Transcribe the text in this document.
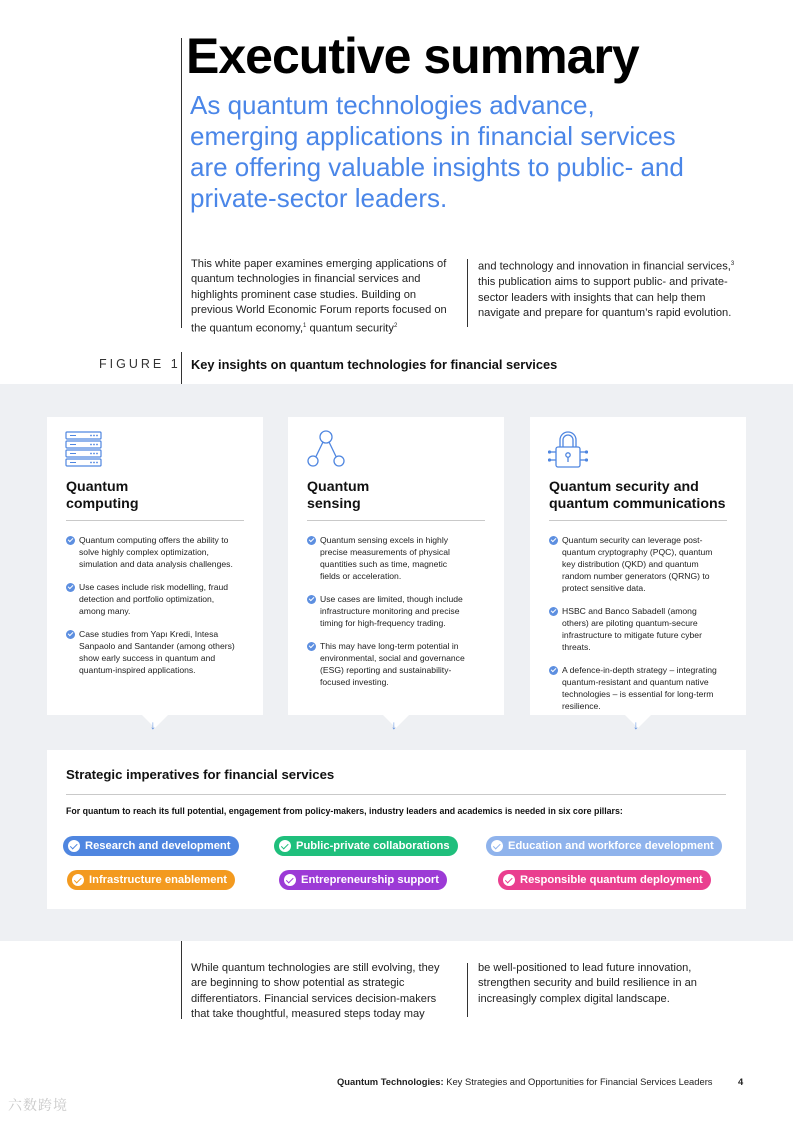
Executive summary
As quantum technologies advance, emerging applications in financial services are offering valuable insights to public- and private-sector leaders.
This white paper examines emerging applications of quantum technologies in financial services and highlights prominent case studies. Building on previous World Economic Forum reports focused on the quantum economy,$^1$ quantum security$^2$
and technology and innovation in financial services,$^3$ this publication aims to support public- and private-sector leaders with insights that can help them navigate and prepare for quantum’s rapid evolution.
FIGURE 1 Key insights on quantum technologies for financial services
Quantum
computing
Quantum computing offers the ability to solve highly complex optimization, simulation and data analysis challenges.
Use cases include risk modelling, fraud detection and portfolio optimization, among many.
Case studies from Yapı Kredi, Intesa Sanpaolo and Santander (among others) show early success in quantum and quantum-inspired applications.
Quantum
sensing
Quantum sensing excels in highly precise measurements of physical quantities such as time, magnetic fields or acceleration.
Use cases are limited, though include infrastructure monitoring and precise timing for high-frequency trading.
This may have long-term potential in environmental, social and governance (ESG) reporting and sustainability-focused investing.
Quantum security and
quantum communications
Quantum security can leverage post-quantum cryptography (PQC), quantum key distribution (QKD) and quantum random number generators (QRNG) to protect sensitive data.
HSBC and Banco Sabadell (among others) are piloting quantum-secure infrastructure to mitigate future cyber threats.
A defence-in-depth strategy – integrating quantum-resistant and quantum native technologies – is essential for long-term resilience.
↓	↓	↓
Strategic imperatives for financial services
For quantum to reach its full potential, engagement from policy-makers, industry leaders and academics is needed in six core pillars:
Research and development	Public-private collaborations	Education and workforce development
Infrastructure enablement	Entrepreneurship support	Responsible quantum deployment
While quantum technologies are still evolving, they are beginning to show potential as strategic differentiators. Financial services decision-makers that take thoughtful, measured steps today may
be well-positioned to lead future innovation, strengthen security and build resilience in an increasingly complex digital landscape.
Quantum Technologies: Key Strategies and Opportunities for Financial Services Leaders	4
六数跨境
